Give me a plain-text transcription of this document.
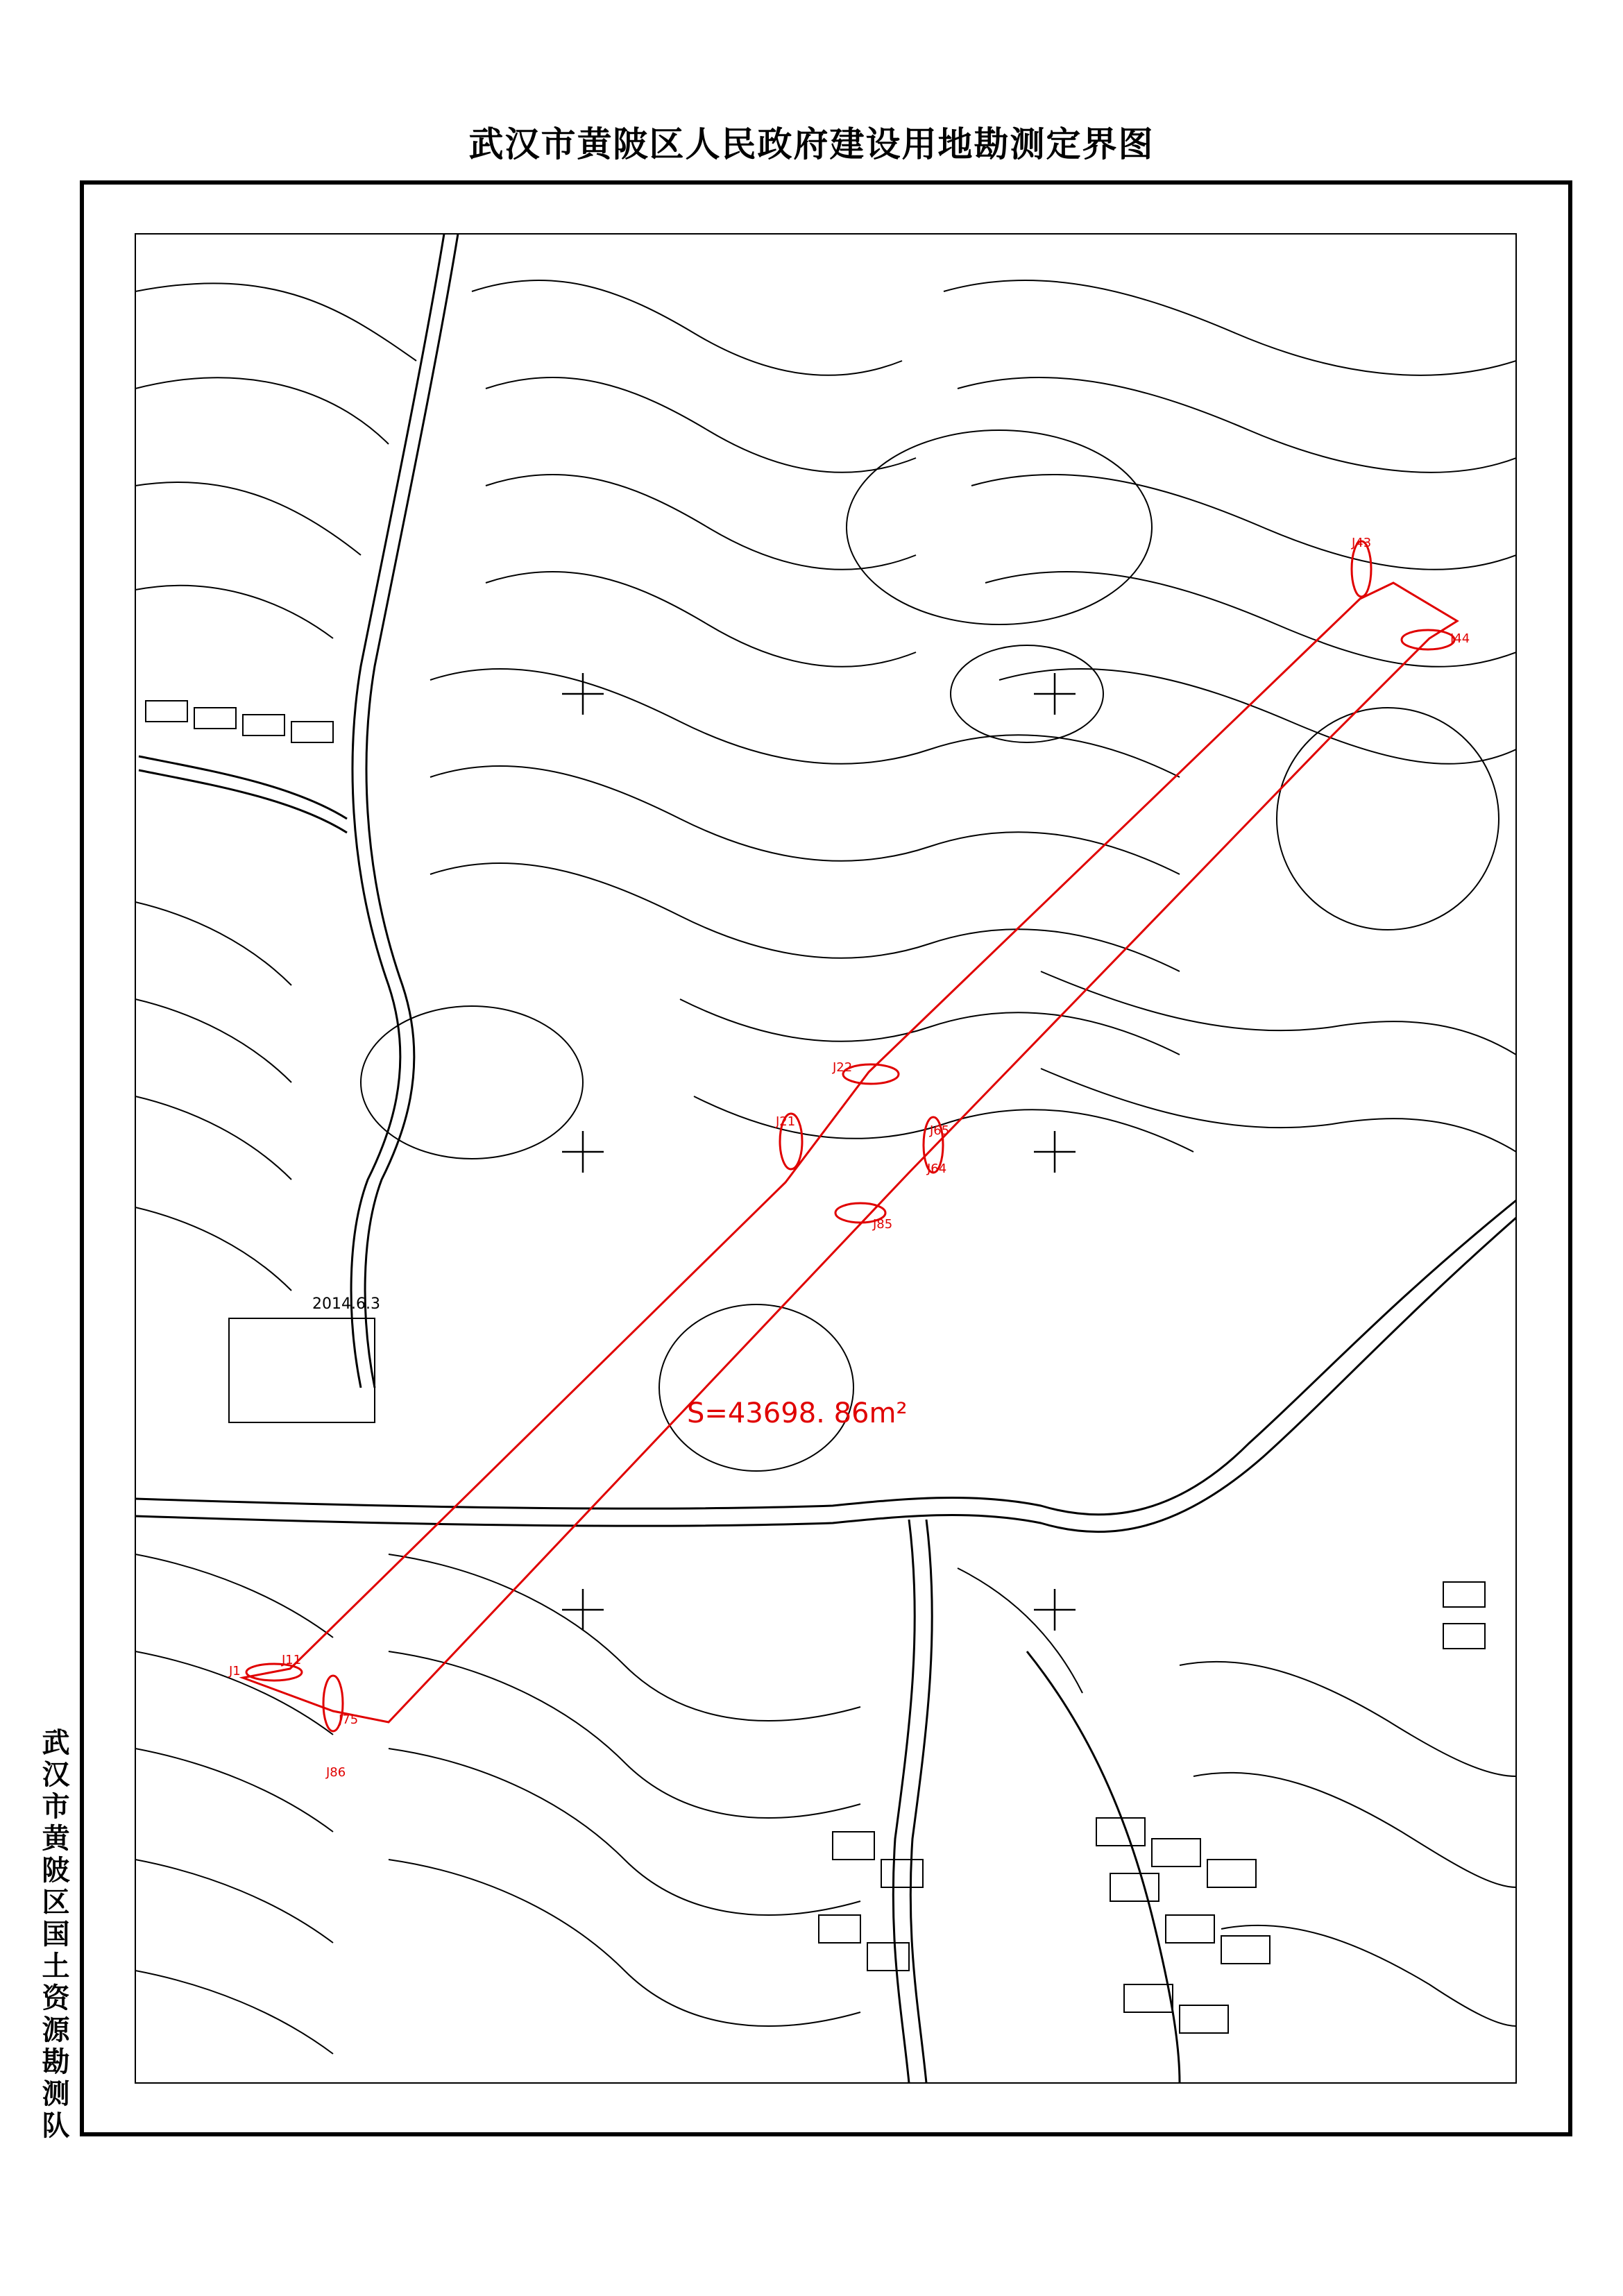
武汉市黄陂区人民政府建设用地勘测定界图
武汉市黄陂区国土资源勘测队
J1
J11
J21
J22
J43
J44
J64
J65
J75
J85
J86
S=43698. 86m²
2014.6.3
